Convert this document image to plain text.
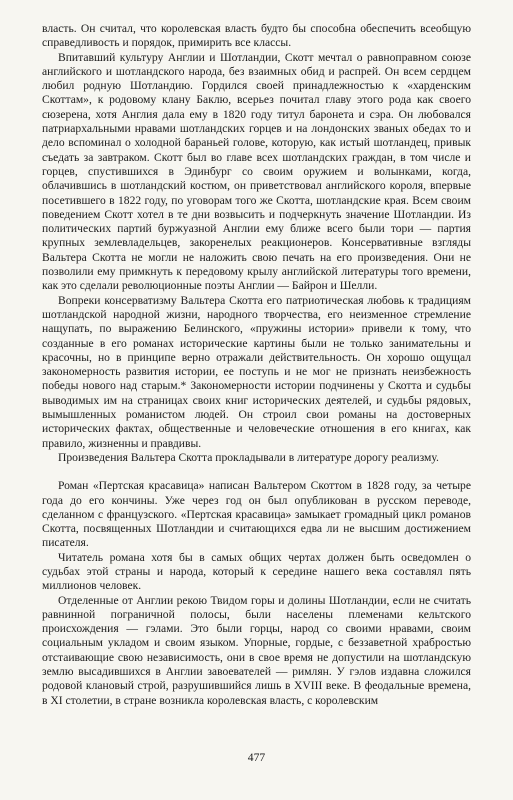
власть. Он считал, что королевская власть будто бы способна обеспечить всеобщую справедливость и порядок, примирить все классы.

Впитавший культуру Англии и Шотландии, Скотт мечтал о равноправном союзе английского и шотландского народа, без взаимных обид и распрей. Он всем сердцем любил родную Шотландию. Гордился своей принадлежностью к «харденским Скоттам», к родовому клану Баклю, всерьез почитал главу этого рода как своего сюзерена, хотя Англия дала ему в 1820 году титул баронета и сэра. Он любовался патриархальными нравами шотландских горцев и на лондонских званых обедах то и дело вспоминал о холодной бараньей голове, которую, как истый шотландец, привык съедать за завтраком. Скотт был во главе всех шотландских граждан, в том числе и горцев, спустившихся в Эдинбург со своим оружием и волынками, когда, облачившись в шотландский костюм, он приветствовал английского короля, впервые посетившего в 1822 году, по уговорам того же Скотта, шотландские края. Всем своим поведением Скотт хотел в те дни возвысить и подчеркнуть значение Шотландии. Из политических партий буржуазной Англии ему ближе всего были тори — партия крупных землевладельцев, закоренелых реакционеров. Консервативные взгляды Вальтера Скотта не могли не наложить свою печать на его произведения. Они не позволили ему примкнуть к передовому крылу английской литературы того времени, как это сделали революционные поэты Англии — Байрон и Шелли.

Вопреки консерватизму Вальтера Скотта его патриотическая любовь к традициям шотландской народной жизни, народного творчества, его неизменное стремление нащупать, по выражению Белинского, «пружины истории» привели к тому, что созданные в его романах исторические картины были не только занимательны и красочны, но в принципе верно отражали действительность. Он хорошо ощущал закономерность развития истории, ее поступь и не мог не признать неизбежность победы нового над старым.* Закономерности истории подчинены у Скотта и судьбы выводимых им на страницах своих книг исторических деятелей, и судьбы рядовых, вымышленных романистом людей. Он строил свои романы на достоверных исторических фактах, общественные и человеческие отношения в его книгах, как правило, жизненны и правдивы.

Произведения Вальтера Скотта прокладывали в литературе дорогу реализму.

Роман «Пертская красавица» написан Вальтером Скоттом в 1828 году, за четыре года до его кончины. Уже через год он был опубликован в русском переводе, сделанном с французского. «Пертская красавица» замыкает громадный цикл романов Скотта, посвященных Шотландии и считающихся едва ли не высшим достижением писателя.

Читатель романа хотя бы в самых общих чертах должен быть осведомлен о судьбах этой страны и народа, который к середине нашего века составлял пять миллионов человек.

Отделенные от Англии рекою Твидом горы и долины Шотландии, если не считать равнинной пограничной полосы, были населены племенами кельтского происхождения — гэлами. Это были горцы, народ со своими нравами, своим социальным укладом и своим языком. Упорные, гордые, с беззаветной храбростью отстаивающие свою независимость, они в свое время не допустили на шотландскую землю высадившихся в Англии завоевателей — римлян. У гэлов издавна сложился родовой клановый строй, разрушившийся лишь в XVIII веке. В феодальные времена, в XI столетии, в стране возникла королевская власть, с королевским

477
